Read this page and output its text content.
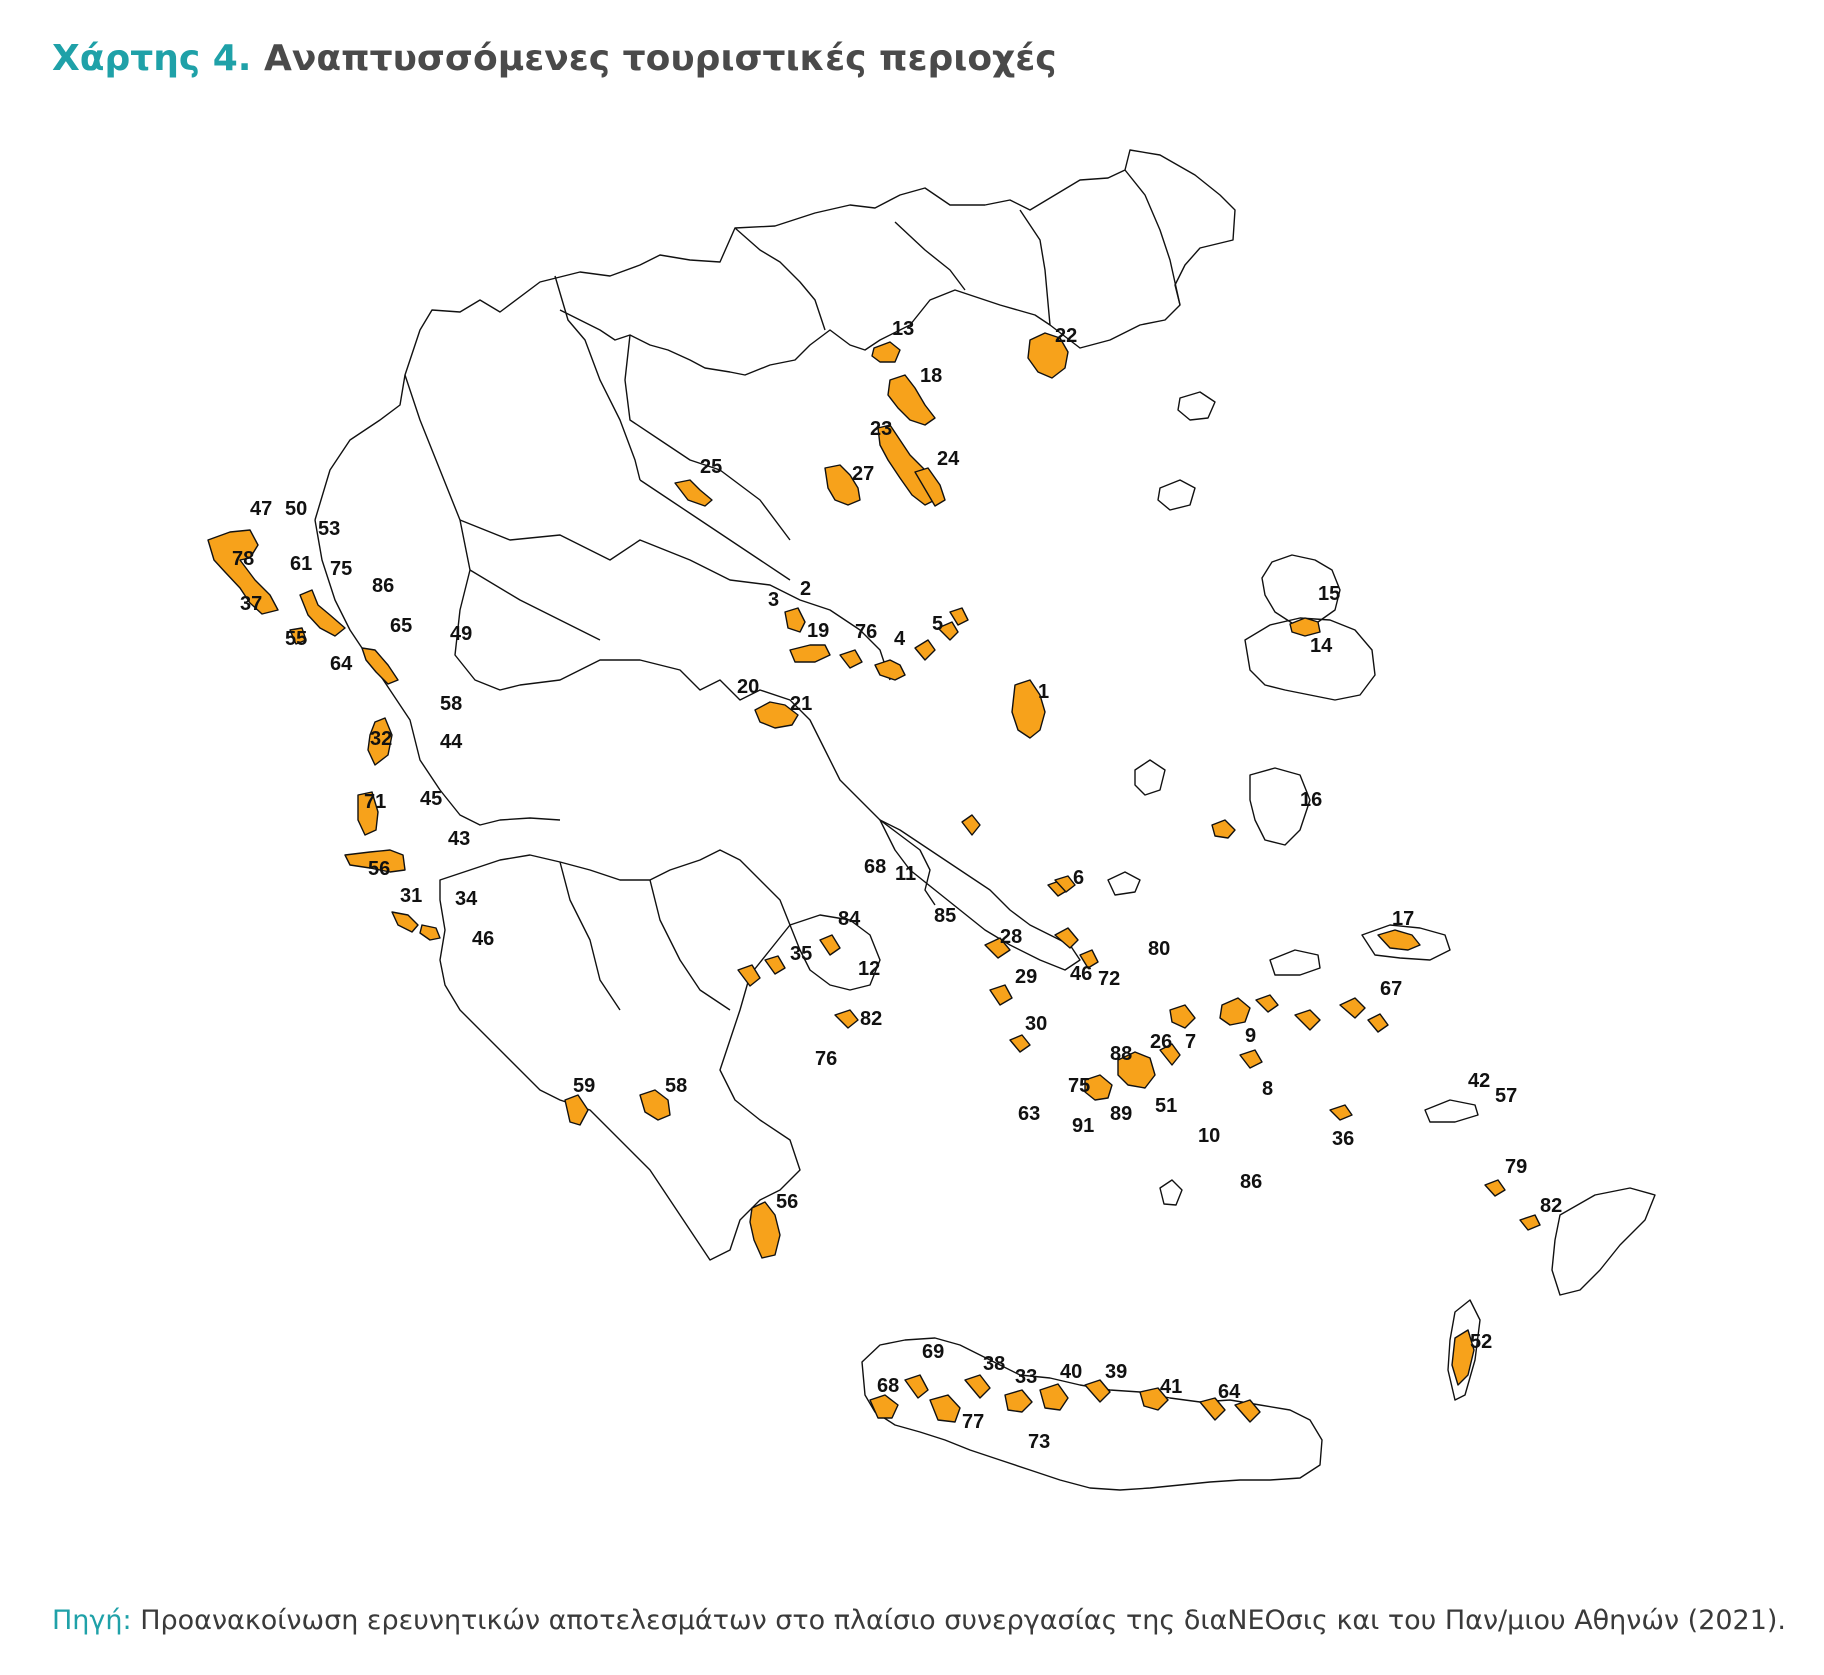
Χάρτης 4. Αναπτυσσόμενες τουριστικές περιοχές
47 50
53
78 61 75
86
37
55
65 49
64
58
32 44
71 45
43
56
31 34
46
13	22
18
23
24
27
25
2
3
19 76 4
5
20
21
1
15
14
16
68 11	6
84	85
28
80
17
35
12	46 72
29
67
82	30
9
88
26 7
76
75	8	42
57
63
91
89 51
10	36
79
86
82
59	58
56
52
69
68
38
33 40 39
41 64
77
73
Πηγή: Προανακοίνωση ερευνητικών αποτελεσμάτων στο πλαίσιο συνεργασίας της διαΝΕΟσις και του Παν/μιου Αθηνών (2021).
